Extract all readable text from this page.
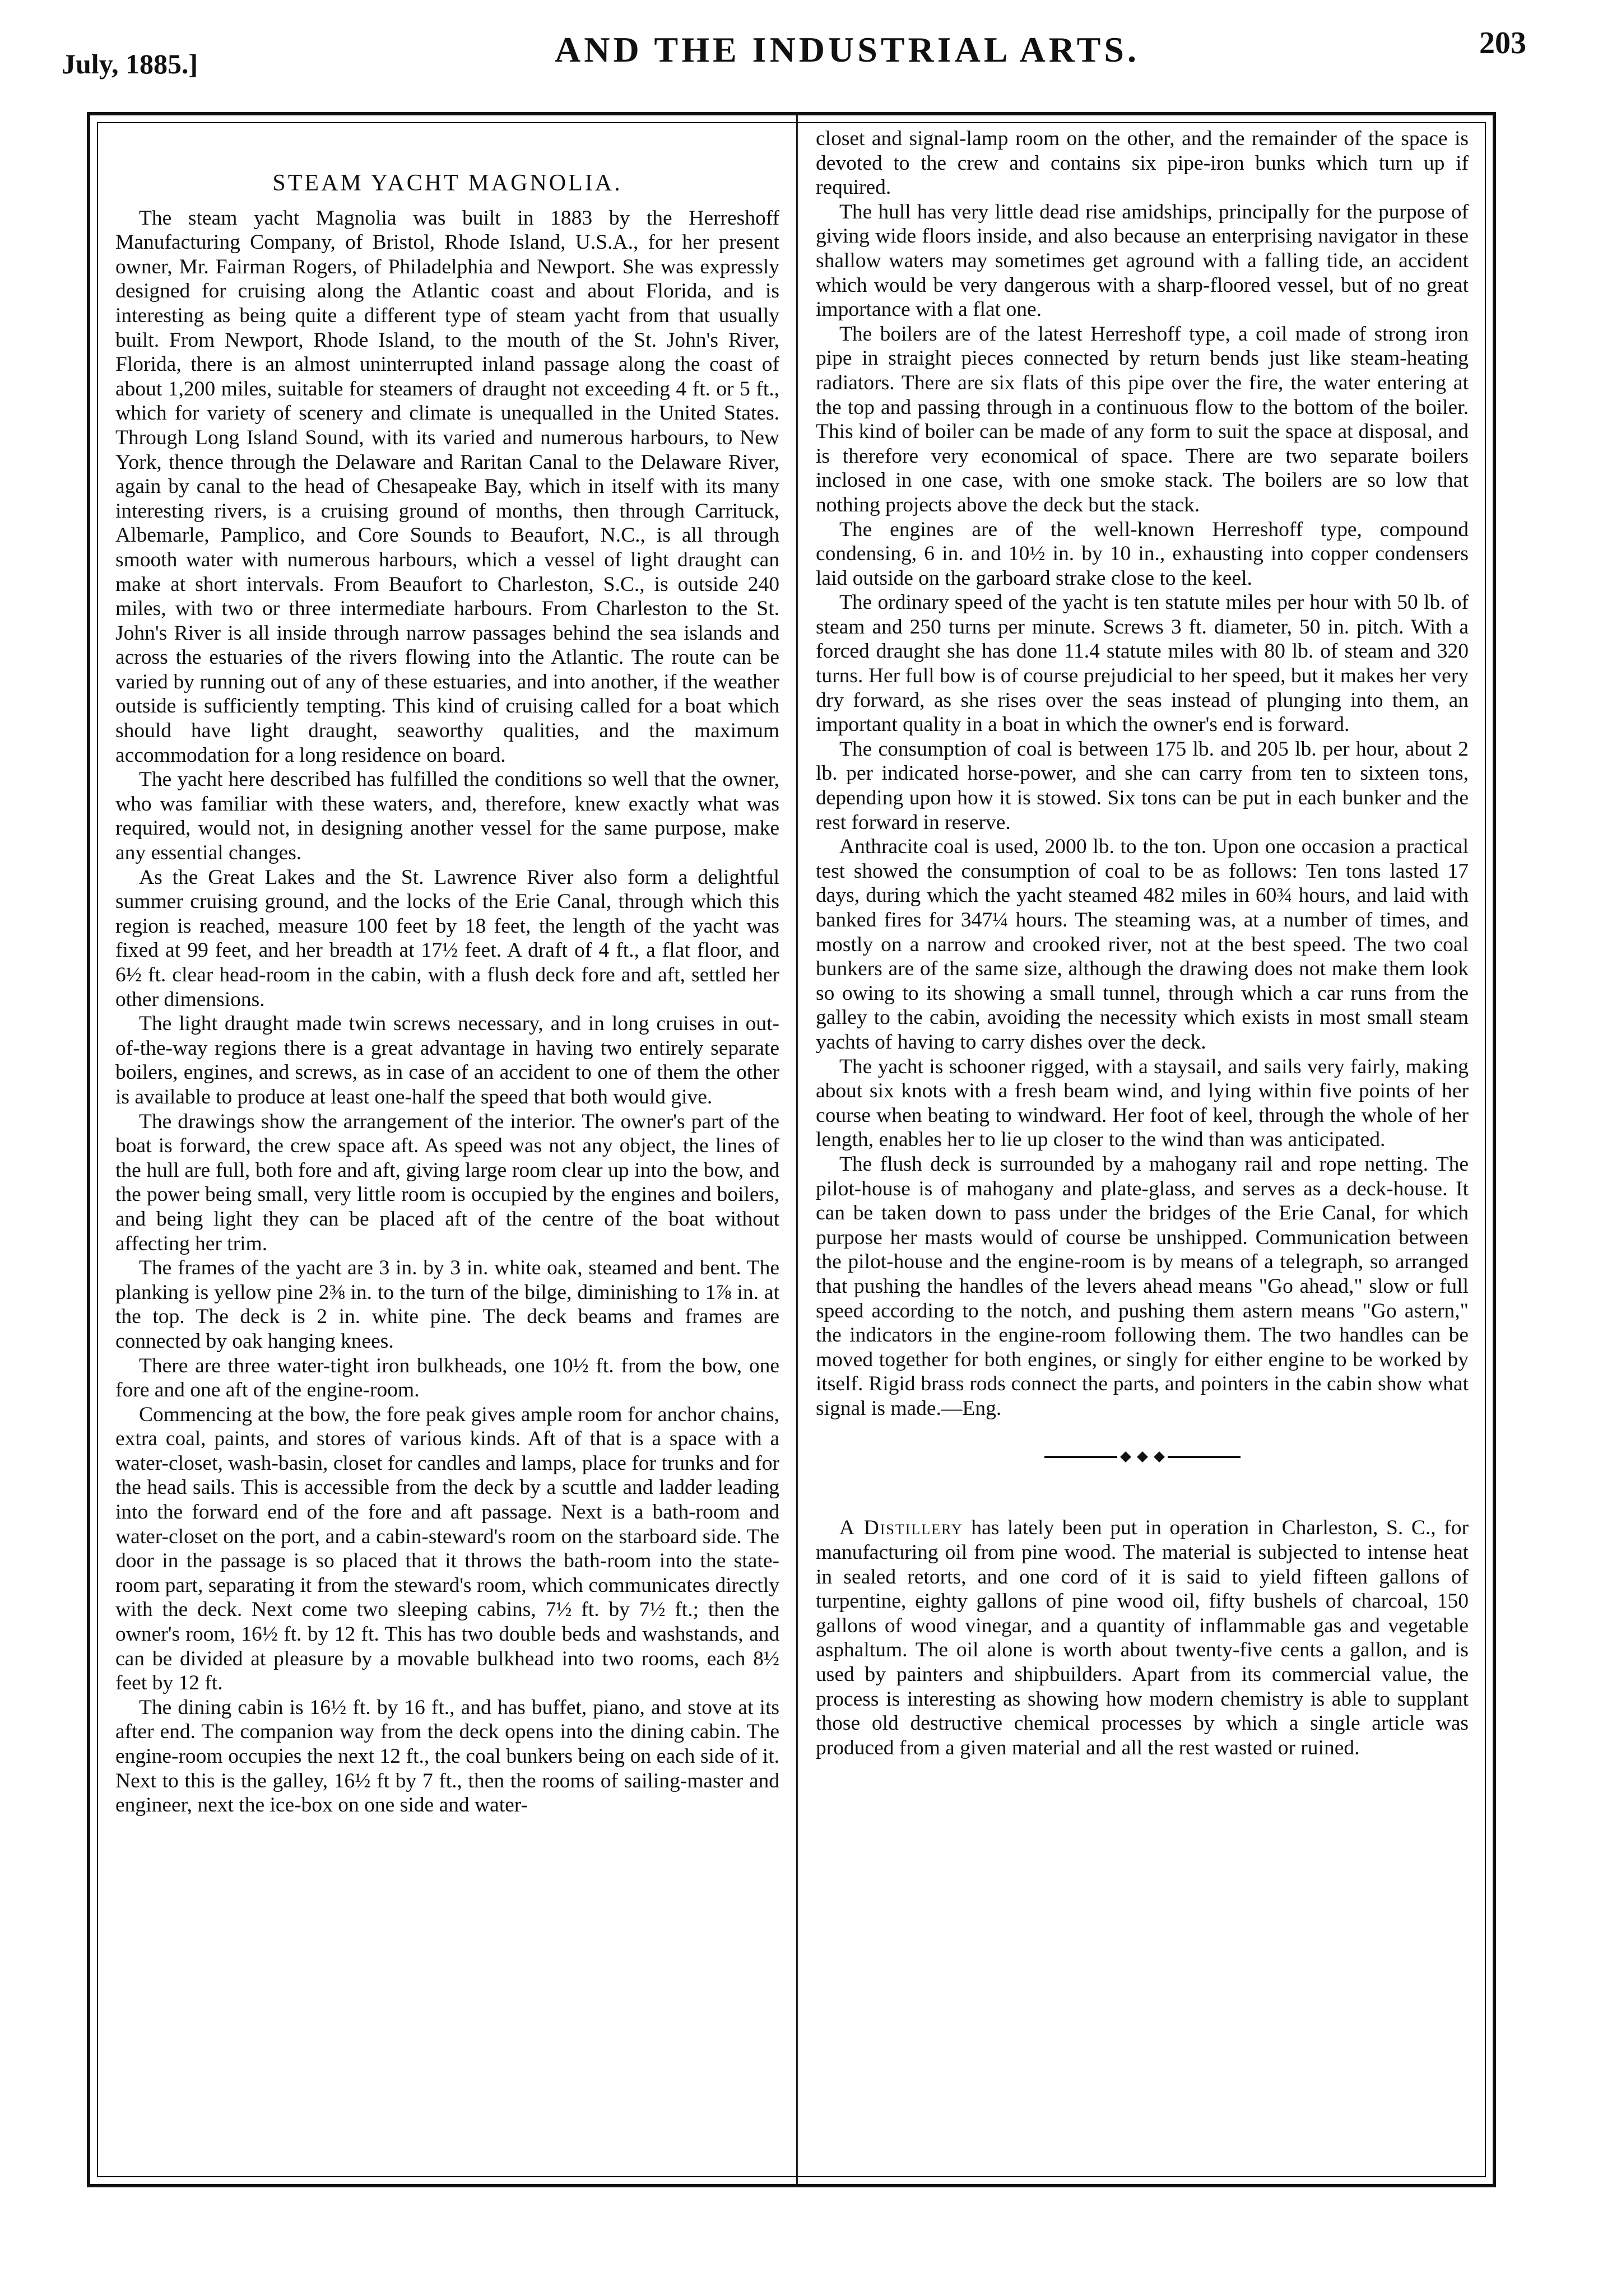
July, 1885.]	AND THE INDUSTRIAL ARTS.	203
STEAM YACHT MAGNOLIA.

The steam yacht Magnolia was built in 1883 by the Herreshoff Manufacturing Company, of Bristol, Rhode Island, U.S.A., for her present owner, Mr. Fairman Rogers, of Philadelphia and Newport. She was expressly designed for cruising along the Atlantic coast and about Florida, and is interesting as being quite a different type of steam yacht from that usually built. From Newport, Rhode Island, to the mouth of the St. John's River, Florida, there is an almost uninterrupted inland passage along the coast of about 1,200 miles, suitable for steamers of draught not exceeding 4 ft. or 5 ft., which for variety of scenery and climate is unequalled in the United States. Through Long Island Sound, with its varied and numerous harbours, to New York, thence through the Delaware and Raritan Canal to the Delaware River, again by canal to the head of Chesapeake Bay, which in itself with its many interesting rivers, is a cruising ground of months, then through Carrituck, Albemarle, Pamplico, and Core Sounds to Beaufort, N.C., is all through smooth water with numerous harbours, which a vessel of light draught can make at short intervals. From Beaufort to Charleston, S.C., is outside 240 miles, with two or three intermediate harbours. From Charleston to the St. John's River is all inside through narrow passages behind the sea islands and across the estuaries of the rivers flowing into the Atlantic. The route can be varied by running out of any of these estuaries, and into another, if the weather outside is sufficiently tempting. This kind of cruising called for a boat which should have light draught, seaworthy qualities, and the maximum accommodation for a long residence on board.

The yacht here described has fulfilled the conditions so well that the owner, who was familiar with these waters, and, therefore, knew exactly what was required, would not, in designing another vessel for the same purpose, make any essential changes.

As the Great Lakes and the St. Lawrence River also form a delightful summer cruising ground, and the locks of the Erie Canal, through which this region is reached, measure 100 feet by 18 feet, the length of the yacht was fixed at 99 feet, and her breadth at 17½ feet. A draft of 4 ft., a flat floor, and 6½ ft. clear head-room in the cabin, with a flush deck fore and aft, settled her other dimensions.

The light draught made twin screws necessary, and in long cruises in out-of-the-way regions there is a great advantage in having two entirely separate boilers, engines, and screws, as in case of an accident to one of them the other is available to produce at least one-half the speed that both would give.

The drawings show the arrangement of the interior. The owner's part of the boat is forward, the crew space aft. As speed was not any object, the lines of the hull are full, both fore and aft, giving large room clear up into the bow, and the power being small, very little room is occupied by the engines and boilers, and being light they can be placed aft of the centre of the boat without affecting her trim.

The frames of the yacht are 3 in. by 3 in. white oak, steamed and bent. The planking is yellow pine 2⅜ in. to the turn of the bilge, diminishing to 1⅞ in. at the top. The deck is 2 in. white pine. The deck beams and frames are connected by oak hanging knees.

There are three water-tight iron bulkheads, one 10½ ft. from the bow, one fore and one aft of the engine-room.

Commencing at the bow, the fore peak gives ample room for anchor chains, extra coal, paints, and stores of various kinds. Aft of that is a space with a water-closet, wash-basin, closet for candles and lamps, place for trunks and for the head sails. This is accessible from the deck by a scuttle and ladder leading into the forward end of the fore and aft passage. Next is a bath-room and water-closet on the port, and a cabin-steward's room on the starboard side. The door in the passage is so placed that it throws the bath-room into the state-room part, separating it from the steward's room, which communicates directly with the deck. Next come two sleeping cabins, 7½ ft. by 7½ ft.; then the owner's room, 16½ ft. by 12 ft. This has two double beds and washstands, and can be divided at pleasure by a movable bulkhead into two rooms, each 8½ feet by 12 ft.

The dining cabin is 16½ ft. by 16 ft., and has buffet, piano, and stove at its after end. The companion way from the deck opens into the dining cabin. The engine-room occupies the next 12 ft., the coal bunkers being on each side of it. Next to this is the galley, 16½ ft by 7 ft., then the rooms of sailing-master and engineer, next the ice-box on one side and water-

closet and signal-lamp room on the other, and the remainder of the space is devoted to the crew and contains six pipe-iron bunks which turn up if required.

The hull has very little dead rise amidships, principally for the purpose of giving wide floors inside, and also because an enterprising navigator in these shallow waters may sometimes get aground with a falling tide, an accident which would be very dangerous with a sharp-floored vessel, but of no great importance with a flat one.

The boilers are of the latest Herreshoff type, a coil made of strong iron pipe in straight pieces connected by return bends just like steam-heating radiators. There are six flats of this pipe over the fire, the water entering at the top and passing through in a continuous flow to the bottom of the boiler. This kind of boiler can be made of any form to suit the space at disposal, and is therefore very economical of space. There are two separate boilers inclosed in one case, with one smoke stack. The boilers are so low that nothing projects above the deck but the stack.

The engines are of the well-known Herreshoff type, compound condensing, 6 in. and 10½ in. by 10 in., exhausting into copper condensers laid outside on the garboard strake close to the keel.

The ordinary speed of the yacht is ten statute miles per hour with 50 lb. of steam and 250 turns per minute. Screws 3 ft. diameter, 50 in. pitch. With a forced draught she has done 11.4 statute miles with 80 lb. of steam and 320 turns. Her full bow is of course prejudicial to her speed, but it makes her very dry forward, as she rises over the seas instead of plunging into them, an important quality in a boat in which the owner's end is forward.

The consumption of coal is between 175 lb. and 205 lb. per hour, about 2 lb. per indicated horse-power, and she can carry from ten to sixteen tons, depending upon how it is stowed. Six tons can be put in each bunker and the rest forward in reserve.

Anthracite coal is used, 2000 lb. to the ton. Upon one occasion a practical test showed the consumption of coal to be as follows: Ten tons lasted 17 days, during which the yacht steamed 482 miles in 60¾ hours, and laid with banked fires for 347¼ hours. The steaming was, at a number of times, and mostly on a narrow and crooked river, not at the best speed. The two coal bunkers are of the same size, although the drawing does not make them look so owing to its showing a small tunnel, through which a car runs from the galley to the cabin, avoiding the necessity which exists in most small steam yachts of having to carry dishes over the deck.

The yacht is schooner rigged, with a staysail, and sails very fairly, making about six knots with a fresh beam wind, and lying within five points of her course when beating to windward. Her foot of keel, through the whole of her length, enables her to lie up closer to the wind than was anticipated.

The flush deck is surrounded by a mahogany rail and rope netting. The pilot-house is of mahogany and plate-glass, and serves as a deck-house. It can be taken down to pass under the bridges of the Erie Canal, for which purpose her masts would of course be unshipped. Communication between the pilot-house and the engine-room is by means of a telegraph, so arranged that pushing the handles of the levers ahead means "Go ahead," slow or full speed according to the notch, and pushing them astern means "Go astern," the indicators in the engine-room following them. The two handles can be moved together for both engines, or singly for either engine to be worked by itself. Rigid brass rods connect the parts, and pointers in the cabin show what signal is made.—Eng.

A Distillery has lately been put in operation in Charleston, S. C., for manufacturing oil from pine wood. The material is subjected to intense heat in sealed retorts, and one cord of it is said to yield fifteen gallons of turpentine, eighty gallons of pine wood oil, fifty bushels of charcoal, 150 gallons of wood vinegar, and a quantity of inflammable gas and vegetable asphaltum. The oil alone is worth about twenty-five cents a gallon, and is used by painters and shipbuilders. Apart from its commercial value, the process is interesting as showing how modern chemistry is able to supplant those old destructive chemical processes by which a single article was produced from a given material and all the rest wasted or ruined.
